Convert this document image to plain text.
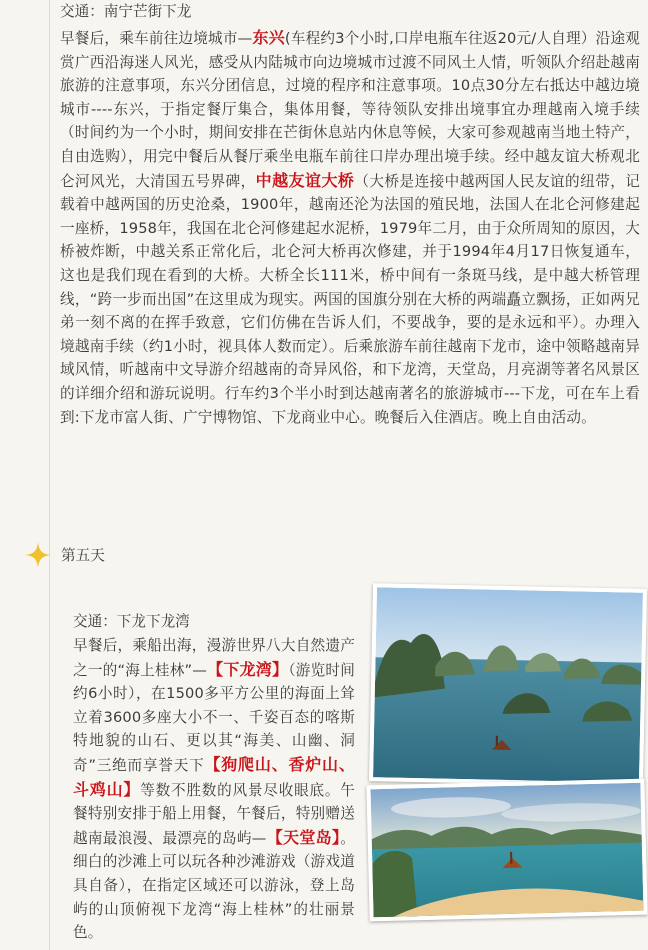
交通：南宁芒街下龙
早餐后，乘车前往边境城市—东兴(车程约3个小时,口岸电瓶车往返20元/人自理）沿途观赏广西沿海迷人风光，感受从内陆城市向边境城市过渡不同风土人情，听领队介绍赴越南旅游的注意事项，东兴分团信息，过境的程序和注意事项。10点30分左右抵达中越边境城市----东兴，于指定餐厅集合，集体用餐，等待领队安排出境事宜办理越南入境手续（时间约为一个小时，期间安排在芒街休息站内休息等候，大家可参观越南当地土特产，自由选购），用完中餐后从餐厅乘坐电瓶车前往口岸办理出境手续。经中越友谊大桥观北仑河风光，大清国五号界碑，中越友谊大桥（大桥是连接中越两国人民友谊的纽带，记载着中越两国的历史沧桑，1900年，越南还沦为法国的殖民地，法国人在北仑河修建起一座桥，1958年，我国在北仑河修建起水泥桥，1979年二月，由于众所周知的原因，大桥被炸断，中越关系正常化后，北仑河大桥再次修建，并于1994年4月17日恢复通车，这也是我们现在看到的大桥。大桥全长111米，桥中间有一条斑马线，是中越大桥管理线，“跨一步而出国”在这里成为现实。两国的国旗分别在大桥的两端矗立飘扬，正如两兄弟一刻不离的在挥手致意，它们仿佛在告诉人们，不要战争，要的是永远和平）。办理入境越南手续（约1小时，视具体人数而定）。后乘旅游车前往越南下龙市，途中领略越南异域风情，听越南中文导游介绍越南的奇异风俗，和下龙湾，天堂岛，月亮湖等著名风景区的详细介绍和游玩说明。行车约3个半小时到达越南著名的旅游城市---下龙，可在车上看到:下龙市富人街、广宁博物馆、下龙商业中心。晚餐后入住酒店。晚上自由活动。
第五天
交通：下龙下龙湾
早餐后，乘船出海，漫游世界八大自然遗产之一的“海上桂林”—【下龙湾】（游览时间约6小时），在1500多平方公里的海面上耸立着3600多座大小不一、千姿百态的喀斯特地貌的山石、更以其“海美、山幽、洞奇”三绝而享誉天下【狗爬山、香炉山、斗鸡山】等数不胜数的风景尽收眼底。午餐特别安排于船上用餐，午餐后，特别赠送越南最浪漫、最漂亮的岛屿—【天堂岛】。细白的沙滩上可以玩各种沙滩游戏（游戏道具自备），在指定区域还可以游泳，登上岛屿的山顶俯视下龙湾“海上桂林”的壮丽景色。
